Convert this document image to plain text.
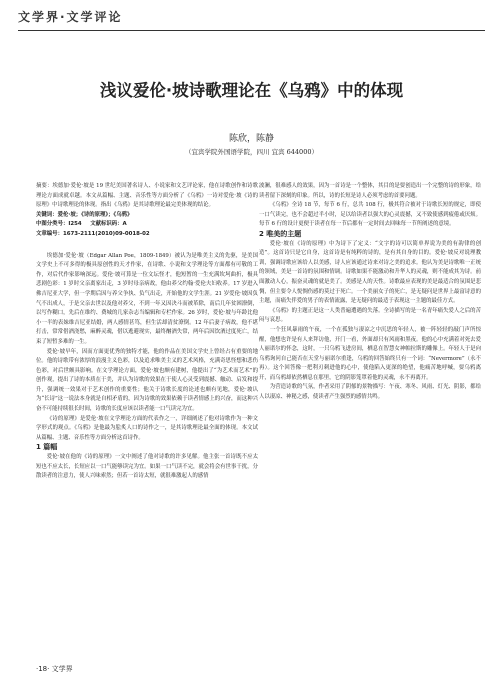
文学界·文学评论
浅议爱伦·坡诗歌理论在《乌鸦》中的体现
陈欣，陈静
（宜宾学院外国语学院，四川 宜宾 644000）

摘要：埃德加·爱伦·坡是 19 世纪美国著名诗人、小说家和文艺评论家，他在诗歌创作和诗歌理论方面成就卓越。本文从篇幅、主题、音乐性等方面分析了《乌鸦》一诗对爱伦·坡《诗的原理》中诗歌理论的体现。指出《乌鸦》是其诗歌理论最完美体现的结论。

关键词：爱伦·坡；《诗的原理》；《乌鸦》

中图分类号：I254 文献标识码：A

文章编号：1673-2111(2010)09-0018-02

埃德加·爱伦·坡（Edgar Allan Poe，1809-1849）被认为是唯美主义的先驱，是美国文学史上不可多得的极具原创性的天才作家，在诗歌、小说和文学理论等方面都有可敬的工作，对后代作家影响深远。爱伦·坡可算是一位文坛怪才，他短暂的一生充满坎坷曲折，极具悲剧色彩：1 岁时父亲离家出走，3 岁时母亲病故，他由养父约翰·爱伦夫妇收养。17 岁进入佛吉尼亚大学，但一学期后因与养父争执、负气出走，开始他的文学生涯。21 岁爱伦·坡因负气不出成人，于是父亲去世以及他对养父，不到一年又因决斗而被革除，南后几年贫困潦倒，以写作糊口，先后在维约、费城的几家杂志当编辑和专栏作家。26 岁时，爱伦·坡与年龄比他小一半的表妹维吉尼亚结婚，两人感情甚笃，但生活却清贫潦倒。12 年后妻子病故，他不堪打击，常常借酒浇愁，麻醉灵魂，借以逃避现实，最终酗酒失常，两年后因饮酒过度死亡，结束了短暂多难的一生。

爱伦·坡早年，因而方面更优秀的独特才能，他的作品在美国文学史上曾经占有重要的地位。他的诗歌带有浓厚的浪漫主义色彩，以及追求唯美主义的艺术风格，充满奇思怪想和悲伤色彩，对后世颇具影响。在文学理论方面，爱伦·坡也颇有建树，他提出了“为艺术而艺术”的创作观，提出了诗的本质在于美，并认为诗歌的效果在于使人心灵受到震撼、触动、启发和提升，强调统一效果对于艺术创作的重要性；他关于诗歌长度的论述也颇有见地，爱伦·坡认为“长诗”这一说法本身就是自相矛盾的，因为诗歌的效果依赖于读者情感上的兴奋，而这种兴奋不可能持续很长时间，诗歌的长度应该以读者能一口气读完为宜。

《诗的原理》是爱伦·坡在文学理论方面的代表作之一，详细阐述了他对诗歌作为一种文学形式的观点。《乌鸦》是他最为脍炙人口的诗作之一，是其诗歌理论最全面的体现。本文试从篇幅、主题、音乐性等方面分析这首诗作。

1 篇幅

爱伦·坡在他的《诗的原理》一文中阐述了他对诗歌的许多见解。他主张一首诗既不应太短也不应太长，长短应以一口气能够读完为宜。如果一口气读不完，就会将会有世事干扰，分散读者的注意力，使人兴味索然；但若一首诗太短，就很难激起人的感情

波澜，很难感人的效果，因为一首诗是一个整体，其目的是要创造出一个完整的诗的形象，给读者留下深刻的印象。所以，诗的长短是诗人必须考虑的首要问题。

《乌鸦》全诗 18 节，每节 6 行，总共 108 行，极其符合被对于诗歌长短的规定，即使一口气读完，也不会超过半小时，足以给读者以强大的心灵震撼，又不致使感到疲倦或厌烦。每节 6 行的设计更便于读者在每一节后都有一定时间去回味每一节所阐述的意境。

2 唯美的主题

爱伦·坡在《诗的原理》中为诗下了定义：“文字的诗可以简单界说为美的有韵律的创造”。这首诗只是它自身，这首诗是有纯粹的诗的，是有其自身的目的。爱伦·坡反对说理教训，强调诗歌应该给人以美感，诗人应该通过诗来对诗之美的追求。他认为美是诗歌唯一正统的领域，美是一首诗的氛围和情调。诗歌如果不能激动和升华人的灵魂，则不能成其为诗。前面激动人心，振奋灵魂的就是美了。美感是人的天性。诗歌最应表现的美是最适合的氛围是悲惆，但主要令人悦惆伤感的莫过于死亡。一个美丽女子的死亡，是无疑问是世界上最富诗意的主题，而痛失伴爱的男子的表情流露，是无疑问的最适于表现这一主题的最佳方式。

《乌鸦》的主题正是这一人类普遍遭遇的失落。全诗描写的是一名青年痛失爱人之后的苦闷与哀思。

一个狂风暴雨的午夜，一个在孤独与凄凉之中沉思的年轻人，被一阵轻轻的敲门声所惊醒，他想也许是有人来拜访他，开门一看，外面却只有风雨和黑夜。他的心中充满着对死去爱人丽诺尔的怀念，这时，一只乌鸦飞进房间，栖息在智慧女神帕拉斯的雕像上。年轻人于是向乌鸦询问自己能否在天堂与丽诺尔重逢，乌鸦的回答始终只有一个词：“Nevermore”（永不再）。这个回答像一把利刃刺进他的心中，使他陷入更深的绝望，他痛苦地呼喊，要乌鸦离开，而乌鸦却依然栖息在那里，它的阴影笼罩着他的灵魂，永不再离开。

为营造诗歌的气氛，作者采用了阴郁的景物描写：午夜、寒冬、风雨、灯光、阴影，都给人以凄凉、神秘之感，使读者产生强烈的感情共鸣。

·18· 文学界
